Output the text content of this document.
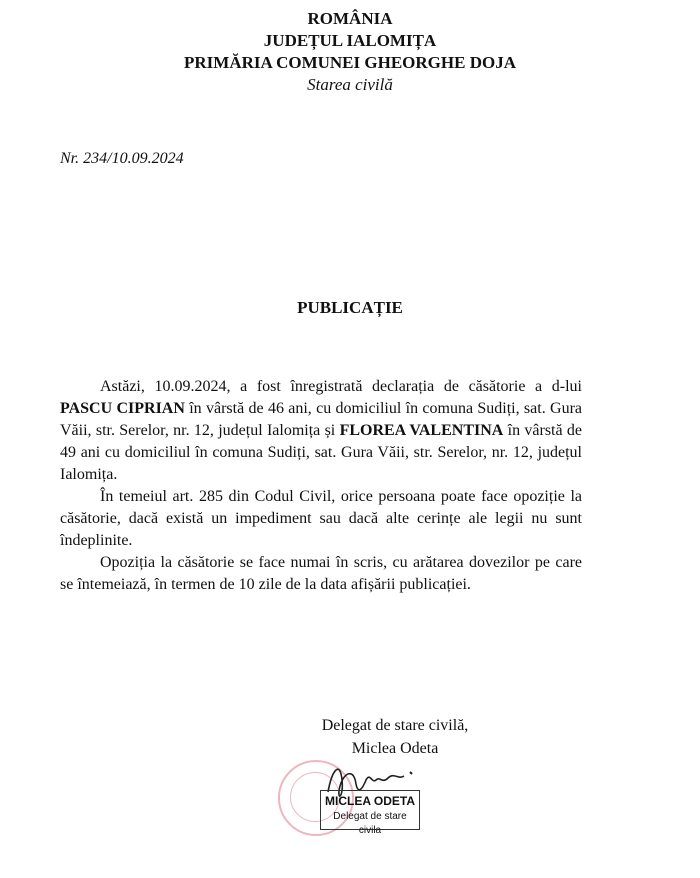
ROMÂNIA
JUDEȚUL IALOMIȚA
PRIMĂRIA COMUNEI GHEORGHE DOJA
Starea civilă
Nr. 234/10.09.2024
PUBLICAȚIE

Astăzi, 10.09.2024, a fost înregistrată declarația de căsătorie a d-lui PASCU CIPRIAN în vârstă de 46 ani, cu domiciliul în comuna Sudiți, sat. Gura Văii, str. Serelor, nr. 12, județul Ialomița și FLOREA VALENTINA în vârstă de 49 ani cu domiciliul în comuna Sudiți, sat. Gura Văii, str. Serelor, nr. 12, județul Ialomița.

În temeiul art. 285 din Codul Civil, orice persoana poate face opoziție la căsătorie, dacă există un impediment sau dacă alte cerințe ale legii nu sunt îndeplinite.

Opoziția la căsătorie se face numai în scris, cu arătarea dovezilor pe care se întemeiază, în termen de 10 zile de la data afișării publicației.

Delegat de stare civilă,
Miclea Odeta
MICLEA ODETA
Delegat de stare civila
